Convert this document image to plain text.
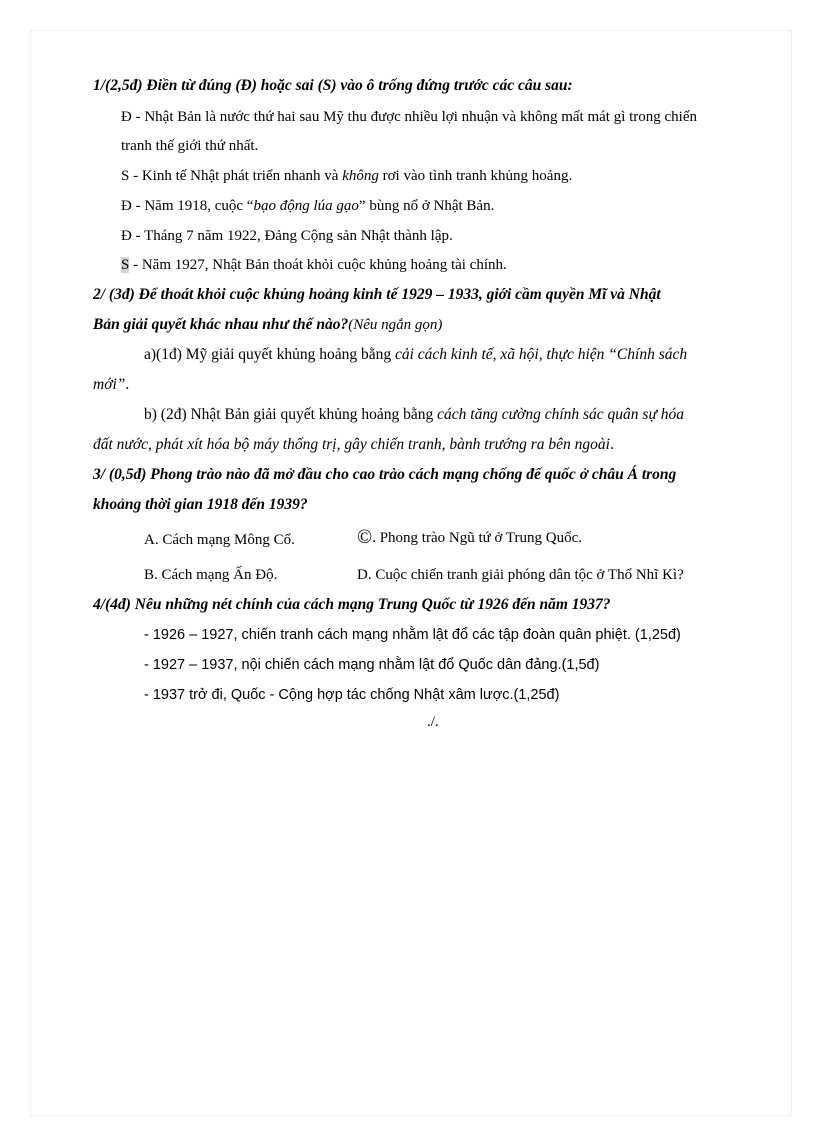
1/(2,5đ) Điền từ đúng (Đ) hoặc sai (S) vào ô trống đứng trước các câu sau:
Đ - Nhật Bản là nước thứ hai sau Mỹ thu được nhiều lợi nhuận và không mất mát gì trong chiến
tranh thế giới thứ nhất.
S - Kinh tế Nhật phát triển nhanh và không rơi vào tình tranh khủng hoảng.
Đ - Năm 1918, cuộc “bạo động lúa gạo” bùng nổ ở Nhật Bản.
Đ - Tháng 7 năm 1922, Đảng Cộng sản Nhật thành lập.
S - Năm 1927, Nhật Bản thoát khỏi cuộc khủng hoảng tài chính.
2/ (3đ) Để thoát khỏi cuộc khủng hoảng kinh tế 1929 – 1933, giới cầm quyền Mĩ và Nhật
Bản giải quyết khác nhau như thế nào?(Nêu ngắn gọn)
a)(1đ) Mỹ giải quyết khủng hoảng bằng cải cách kinh tế, xã hội, thực hiện “Chính sách
mới”.
b) (2đ) Nhật Bản giải quyết khủng hoảng bằng cách tăng cường chính sác quân sự hóa
đất nước, phát xít hóa bộ máy thống trị, gây chiến tranh, bành trướng ra bên ngoài.
3/ (0,5đ) Phong trào nào đã mở đầu cho cao trào cách mạng chống đế quốc ở châu Á trong
khoảng thời gian 1918 đến 1939?
A. Cách mạng Mông Cổ.	©. Phong trào Ngũ tứ ở Trung Quốc.
B. Cách mạng Ấn Độ.	D. Cuộc chiến tranh giải phóng dân tộc ở Thổ Nhĩ Kì?
4/(4đ) Nêu những nét chính của cách mạng Trung Quốc từ 1926 đến năm 1937?
- 1926 – 1927, chiến tranh cách mạng nhằm lật đổ các tập đoàn quân phiệt. (1,25đ)
- 1927 – 1937, nội chiến cách mạng nhằm lật đổ Quốc dân đảng.(1,5đ)
- 1937 trở đi, Quốc - Cộng hợp tác chống Nhật xâm lược.(1,25đ)
./.
